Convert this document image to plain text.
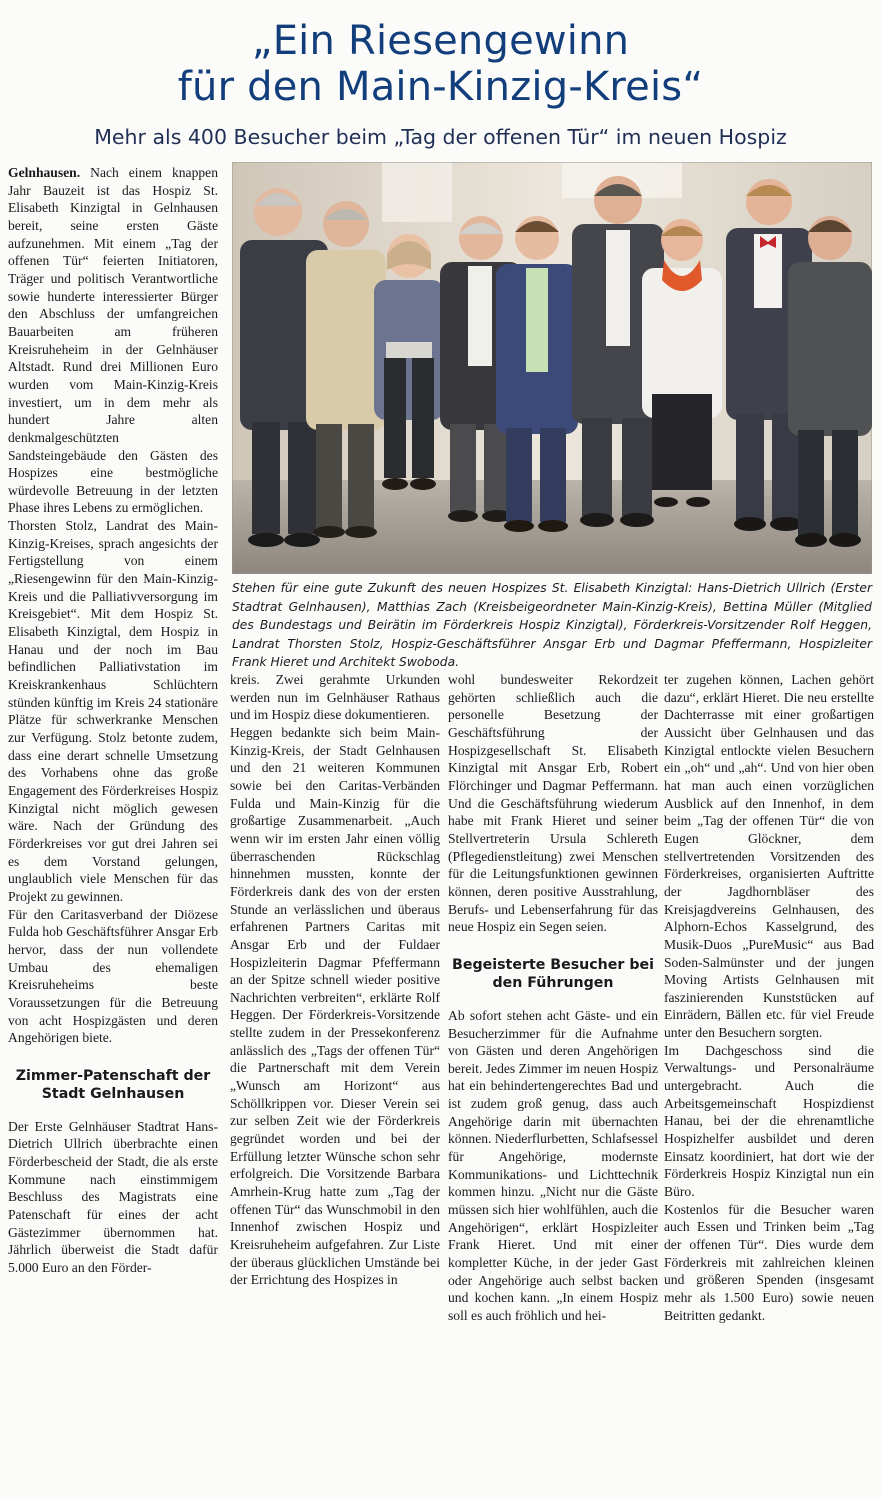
„Ein Riesengewinn
für den Main-Kinzig-Kreis“
Mehr als 400 Besucher beim „Tag der offenen Tür“ im neuen Hospiz
Stehen für eine gute Zukunft des neuen Hospizes St. Elisabeth Kinzigtal: Hans-Dietrich Ullrich (Erster Stadtrat Gelnhausen), Matthias Zach (Kreisbeigeordneter Main-Kinzig-Kreis), Bettina Müller (Mitglied des Bundestags und Beirätin im Förderkreis Hospiz Kinzigtal), Förderkreis-Vorsitzender Rolf Heggen, Landrat Thorsten Stolz, Hospiz-Geschäftsführer Ansgar Erb und Dagmar Pfeffermann, Hospizleiter Frank Hieret und Architekt Swoboda.

Gelnhausen. Nach einem knappen Jahr Bauzeit ist das Hospiz St. Elisabeth Kinzigtal in Gelnhausen bereit, seine ersten Gäste aufzunehmen. Mit einem „Tag der offenen Tür“ feierten Initiatoren, Träger und politisch Verantwortliche sowie hunderte interessierter Bürger den Abschluss der umfangreichen Bauarbeiten am früheren Kreisruheheim in der Gelnhäuser Altstadt. Rund drei Millionen Euro wurden vom Main-Kinzig-Kreis investiert, um in dem mehr als hundert Jahre alten denkmalgeschützten Sandsteingebäude den Gästen des Hospizes eine bestmögliche würdevolle Betreuung in der letzten Phase ihres Lebens zu ermöglichen.

Thorsten Stolz, Landrat des Main-Kinzig-Kreises, sprach angesichts der Fertigstellung von einem „Riesengewinn für den Main-Kinzig-Kreis und die Palliativversorgung im Kreisgebiet“. Mit dem Hospiz St. Elisabeth Kinzigtal, dem Hospiz in Hanau und der noch im Bau befindlichen Palliativstation im Kreiskrankenhaus Schlüchtern stünden künftig im Kreis 24 stationäre Plätze für schwerkranke Menschen zur Verfügung. Stolz betonte zudem, dass eine derart schnelle Umsetzung des Vorhabens ohne das große Engagement des Förderkreises Hospiz Kinzigtal nicht möglich gewesen wäre. Nach der Gründung des Förderkreises vor gut drei Jahren sei es dem Vorstand gelungen, unglaublich viele Menschen für das Projekt zu gewinnen.

Für den Caritasverband der Diözese Fulda hob Geschäftsführer Ansgar Erb hervor, dass der nun vollendete Umbau des ehemaligen Kreisruheheims beste Voraussetzungen für die Betreuung von acht Hospizgästen und deren Angehörigen biete.

Zimmer-Patenschaft der Stadt Gelnhausen

Der Erste Gelnhäuser Stadtrat Hans-Dietrich Ullrich überbrachte einen Förderbescheid der Stadt, die als erste Kommune nach einstimmigem Beschluss des Magistrats eine Patenschaft für eines der acht Gästezimmer übernommen hat. Jährlich überweist die Stadt dafür 5.000 Euro an den Förder-

kreis. Zwei gerahmte Urkunden werden nun im Gelnhäuser Rathaus und im Hospiz diese dokumentieren.

Heggen bedankte sich beim Main-Kinzig-Kreis, der Stadt Gelnhausen und den 21 weiteren Kommunen sowie bei den Caritas-Verbänden Fulda und Main-Kinzig für die großartige Zusammenarbeit. „Auch wenn wir im ersten Jahr einen völlig überraschenden Rückschlag hinnehmen mussten, konnte der Förderkreis dank des von der ersten Stunde an verlässlichen und überaus erfahrenen Partners Caritas mit Ansgar Erb und der Fuldaer Hospizleiterin Dagmar Pfeffermann an der Spitze schnell wieder positive Nachrichten verbreiten“, erklärte Rolf Heggen. Der Förderkreis-Vorsitzende stellte zudem in der Pressekonferenz anlässlich des „Tags der offenen Tür“ die Partnerschaft mit dem Verein „Wunsch am Horizont“ aus Schöllkrippen vor. Dieser Verein sei zur selben Zeit wie der Förderkreis gegründet worden und bei der Erfüllung letzter Wünsche schon sehr erfolgreich. Die Vorsitzende Barbara Amrhein-Krug hatte zum „Tag der offenen Tür“ das Wunschmobil in den Innenhof zwischen Hospiz und Kreisruheheim aufgefahren. Zur Liste der überaus glücklichen Umstände bei der Errichtung des Hospizes in

wohl bundesweiter Rekordzeit gehörten schließlich auch die personelle Besetzung der Geschäftsführung der Hospizgesellschaft St. Elisabeth Kinzigtal mit Ansgar Erb, Robert Flörchinger und Dagmar Peffermann. Und die Geschäftsführung wiederum habe mit Frank Hieret und seiner Stellvertreterin Ursula Schlereth (Pflegedienstleitung) zwei Menschen für die Leitungsfunktionen gewinnen können, deren positive Ausstrahlung, Berufs- und Lebenserfahrung für das neue Hospiz ein Segen seien.

Begeisterte Besucher bei den Führungen

Ab sofort stehen acht Gäste- und ein Besucherzimmer für die Aufnahme von Gästen und deren Angehörigen bereit. Jedes Zimmer im neuen Hospiz hat ein behindertengerechtes Bad und ist zudem groß genug, dass auch Angehörige darin mit übernachten können. Niederflurbetten, Schlafsessel für Angehörige, modernste Kommunikations- und Lichttechnik kommen hinzu. „Nicht nur die Gäste müssen sich hier wohlfühlen, auch die Angehörigen“, erklärt Hospizleiter Frank Hieret. Und mit einer kompletter Küche, in der jeder Gast oder Angehörige auch selbst backen und kochen kann. „In einem Hospiz soll es auch fröhlich und hei-

ter zugehen können, Lachen gehört dazu“, erklärt Hieret. Die neu erstellte Dachterrasse mit einer großartigen Aussicht über Gelnhausen und das Kinzigtal entlockte vielen Besuchern ein „oh“ und „ah“. Und von hier oben hat man auch einen vorzüglichen Ausblick auf den Innenhof, in dem beim „Tag der offenen Tür“ die von Eugen Glöckner, dem stellvertretenden Vorsitzenden des Förderkreises, organisierten Auftritte der Jagdhornbläser des Kreisjagdvereins Gelnhausen, des Alphorn-Echos Kasselgrund, des Musik-Duos „PureMusic“ aus Bad Soden-Salmünster und der jungen Moving Artists Gelnhausen mit faszinierenden Kunststücken auf Einrädern, Bällen etc. für viel Freude unter den Besuchern sorgten.

Im Dachgeschoss sind die Verwaltungs- und Personalräume untergebracht. Auch die Arbeitsgemeinschaft Hospizdienst Hanau, bei der die ehrenamtliche Hospizhelfer ausbildet und deren Einsatz koordiniert, hat dort wie der Förderkreis Hospiz Kinzigtal nun ein Büro.

Kostenlos für die Besucher waren auch Essen und Trinken beim „Tag der offenen Tür“. Dies wurde dem Förderkreis mit zahlreichen kleinen und größeren Spenden (insgesamt mehr als 1.500 Euro) sowie neuen Beitritten gedankt.
